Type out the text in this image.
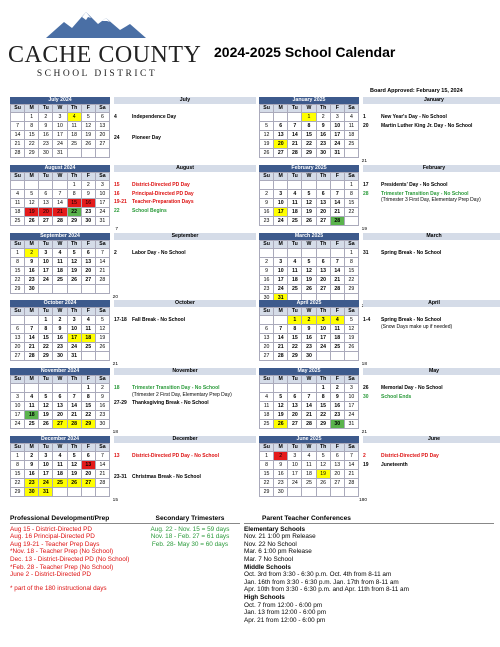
CACHE COUNTY
SCHOOL DISTRICT
2024-2025 School Calendar
Board Approved: February 15, 2024
July 2024
Su	M	Tu	W	Th	F	Sa
	1	2	3	4	5	6
7	8	9	10	11	12	13
14	15	16	17	18	19	20
21	22	23	24	25	26	27
28	29	30	31			
August 2024
Su	M	Tu	W	Th	F	Sa
				1	2	3
4	5	6	7	8	9	10
11	12	13	14	15	16	17
18	19	20	21	22	23	24
25	26	27	28	29	30	31
7
September 2024
Su	M	Tu	W	Th	F	Sa
1	2	3	4	5	6	7
8	9	10	11	12	13	14
15	16	17	18	19	20	21
22	23	24	25	26	27	28
29	30					
20
October 2024
Su	M	Tu	W	Th	F	Sa
		1	2	3	4	5
6	7	8	9	10	11	12
13	14	15	16	17	18	19
20	21	22	23	24	25	26
27	28	29	30	31		
21
November 2024
Su	M	Tu	W	Th	F	Sa
					1	2
3	4	5	6	7	8	9
10	11	12	13	14	15	16
17	18	19	20	21	22	23
24	25	26	27	28	29	30
18
December 2024
Su	M	Tu	W	Th	F	Sa
1	2	3	4	5	6	7
8	9	10	11	12	13	14
15	16	17	18	19	20	21
22	23	24	25	26	27	28
29	30	31				
15
January 2025
Su	M	Tu	W	Th	F	Sa
			1	2	3	4
5	6	7	8	9	10	11
12	13	14	15	16	17	18
19	20	21	22	23	24	25
26	27	28	29	30	31	
21
February 2025
Su	M	Tu	W	Th	F	Sa
						1
2	3	4	5	6	7	8
9	10	11	12	13	14	15
16	17	18	19	20	21	22
23	24	25	26	27	28	
19
March 2025
Su	M	Tu	W	Th	F	Sa
						1
2	3	4	5	6	7	8
9	10	11	12	13	14	15
16	17	18	19	20	21	22
23	24	25	26	27	28	29
30	31					
April 2025
Su	M	Tu	W	Th	F	Sa
		1	2	3	4	5
6	7	8	9	10	11	12
13	14	15	16	17	18	19
20	21	22	23	24	25	26
27	28	29	30			
18
May 2025
Su	M	Tu	W	Th	F	Sa
				1	2	3
4	5	6	7	8	9	10
11	12	13	14	15	16	17
18	19	20	21	22	23	24
25	26	27	28	29	30	31
21
June 2025
Su	M	Tu	W	Th	F	Sa
1	2	3	4	5	6	7
8	9	10	11	12	13	14
15	16	17	18	19	20	21
22	23	24	25	26	27	28
29	30					
180
July
4	Independence Day
24	Pioneer Day
August
15	District-Directed PD Day
16	Principal-Directed PD Day
19-21	Teacher-Preparation Days
22	School Begins
September
2	Labor Day - No School
October
17-18	Fall Break - No School
November
18	Trimester Transition Day - No School
(Trimester 2 First Day, Elementary Prep Day)
27-29	Thanksgiving Break - No School
December
13	District-Directed PD Day - No School
23-31	Christmas Break - No School
January
1	New Year's Day - No School
20	Martin Luther King Jr. Day - No School
February
17	Presidents' Day - No School
28	Trimester Transition Day - No School
(Trimester 3 First Day, Elementary Prep Day)
March
31	Spring Break - No School
April
1-4	Spring Break - No School
(Snow Days make up if needed)
May
26	Memorial Day - No School
30	School Ends
June
2	District-Directed PD Day
19	Juneteenth
Professional Development/Prep
Aug 15 - District-Directed PD
Aug. 16 Principal-Directed PD
Aug 19-21 - Teacher Prep Days
*Nov. 18 - Teacher Prep (No School)
Dec. 13 - District-Directed PD (No School)
*Feb. 28 - Teacher Prep (No School)
June 2 - District-Directed PD
* part of the 180 instructional days
Secondary Trimesters
Aug. 22 - Nov. 15 = 59 days
Nov. 18 - Feb. 27 = 61 days
Feb. 28- May 30 = 60 days
Parent Teacher Conferences
Elementary Schools
Nov. 21 1:00 pm Release
Nov. 22 No School
Mar. 6 1:00 pm Release
Mar. 7 No School
Middle Schools
Oct. 3rd from 3:30 - 6:30 p.m. Oct. 4th from 8-11 am
Jan. 16th from 3:30 - 6:30 p.m. Jan. 17th from 8-11 am
Apr. 10th from 3:30 - 6:30 p.m. and Apr. 11th from 8-11 am
High Schools
Oct. 7 from 12:00 - 6:00 pm
Jan. 13 from 12:00 - 6:00 pm
Apr. 21 from 12:00 - 6:00 pm
